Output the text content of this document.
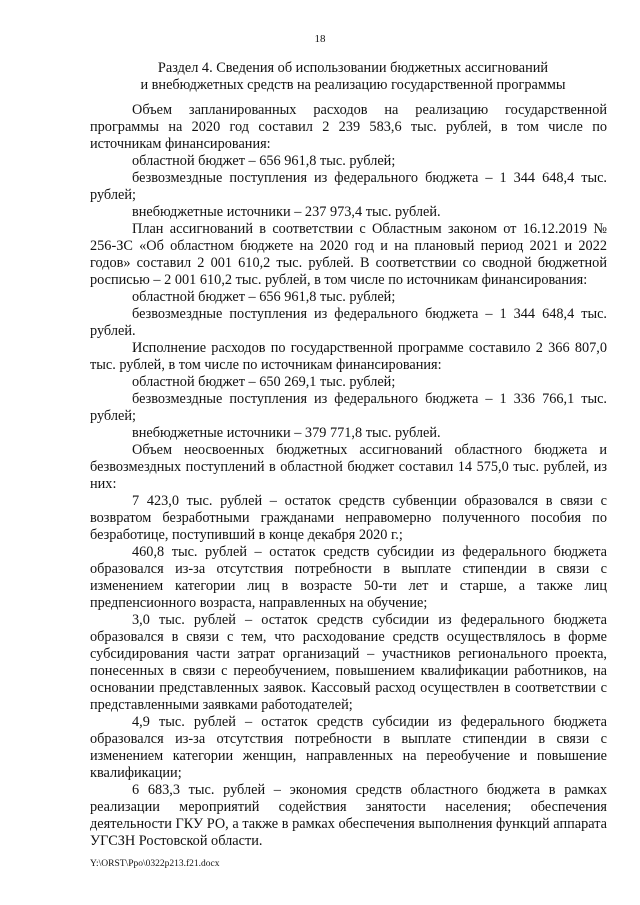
18
Раздел 4. Сведения об использовании бюджетных ассигнований
и внебюджетных средств на реализацию государственной программы

Объем запланированных расходов на реализацию государственной программы на 2020 год составил 2 239 583,6 тыс. рублей, в том числе по источникам финансирования:

областной бюджет – 656 961,8 тыс. рублей;

безвозмездные поступления из федерального бюджета – 1 344 648,4 тыс. рублей;

внебюджетные источники – 237 973,4 тыс. рублей.

План ассигнований в соответствии с Областным законом от 16.12.2019 № 256-ЗС «Об областном бюджете на 2020 год и на плановый период 2021 и 2022 годов» составил 2 001 610,2 тыс. рублей. В соответствии со сводной бюджетной росписью – 2 001 610,2 тыс. рублей, в том числе по источникам финансирования:

областной бюджет – 656 961,8 тыс. рублей;

безвозмездные поступления из федерального бюджета – 1 344 648,4 тыс. рублей.

Исполнение расходов по государственной программе составило 2 366 807,0 тыс. рублей, в том числе по источникам финансирования:

областной бюджет – 650 269,1 тыс. рублей;

безвозмездные поступления из федерального бюджета – 1 336 766,1 тыс. рублей;

внебюджетные источники – 379 771,8 тыс. рублей.

Объем неосвоенных бюджетных ассигнований областного бюджета и безвозмездных поступлений в областной бюджет составил 14 575,0 тыс. рублей, из них:

7 423,0 тыс. рублей – остаток средств субвенции образовался в связи с возвратом безработными гражданами неправомерно полученного пособия по безработице, поступивший в конце декабря 2020 г.;

460,8 тыс. рублей – остаток средств субсидии из федерального бюджета образовался из-за отсутствия потребности в выплате стипендии в связи с изменением категории лиц в возрасте 50-ти лет и старше, а также лиц предпенсионного возраста, направленных на обучение;

3,0 тыс. рублей – остаток средств субсидии из федерального бюджета образовался в связи с тем, что расходование средств осуществлялось в форме субсидирования части затрат организаций – участников регионального проекта, понесенных в связи с переобучением, повышением квалификации работников, на основании представленных заявок. Кассовый расход осуществлен в соответствии с представленными заявками работодателей;

4,9 тыс. рублей – остаток средств субсидии из федерального бюджета образовался из-за отсутствия потребности в выплате стипендии в связи с изменением категории женщин, направленных на переобучение и повышение квалификации;

6 683,3 тыс. рублей – экономия средств областного бюджета в рамках реализации мероприятий содействия занятости населения; обеспечения деятельности ГКУ РО, а также в рамках обеспечения выполнения функций аппарата УГСЗН Ростовской области.

Y:\ORST\Ppo\0322p213.f21.docx
